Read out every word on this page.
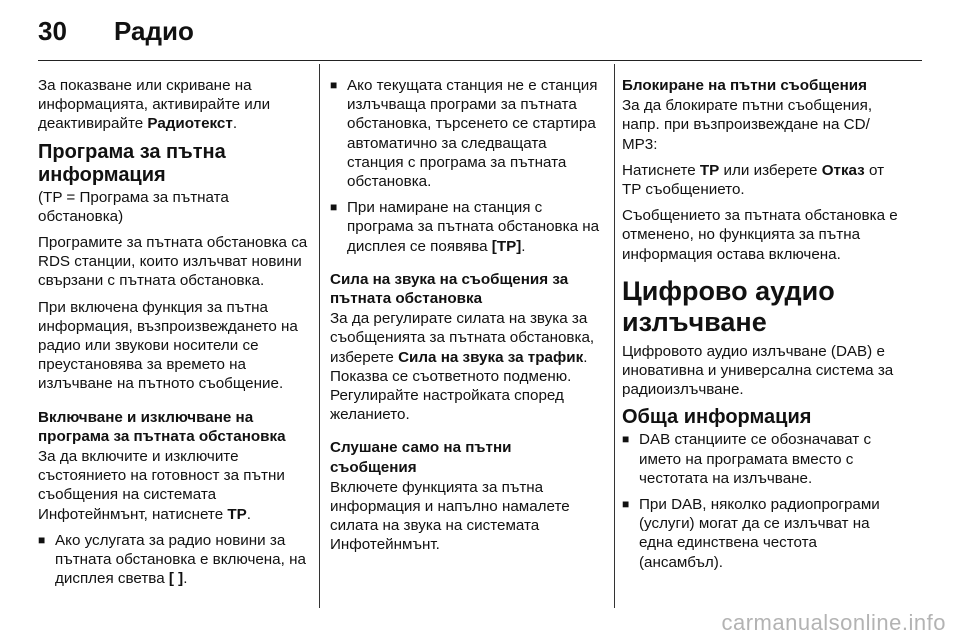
30 Радио

За показване или скриване на информацията, активирайте или деактивирайте Радиотекст.

Програма за пътна информация

(TP = Програма за пътната обстановка)

Програмите за пътната обстановка са RDS станции, които излъчват новини свързани с пътната обстановка.

При включена функция за пътна информация, възпроизвеждането на радио или звукови носители се преустановява за времето на излъчване на пътното съобщение.

Включване и изключване на програма за пътната обстановка

За да включите и изключите състоянието на готовност за пътни съобщения на системата Инфотейнмънт, натиснете TP.

■ Ако услугата за радио новини за пътната обстановка е включена, на дисплея светва [ ].
■ Ако текущата станция не е станция излъчваща програми за пътната обстановка, търсенето се стартира автоматично за следващата станция с програма за пътната обстановка.
■ При намиране на станция с програма за пътната обстановка на дисплея се появява [TP].
Сила на звука на съобщения за пътната обстановка

За да регулирате силата на звука за съобщенията за пътната обстановка, изберете Сила на звука за трафик. Показва се съответното подменю.
Регулирайте настройката според желанието.

Слушане само на пътни съобщения

Включете функцията за пътна информация и напълно намалете силата на звука на системата Инфотейнмънт.

Блокиране на пътни съобщения

За да блокирате пътни съобщения, напр. при възпроизвеждане на CD/ MP3:

Натиснете TP или изберете Отказ от TP съобщението.

Съобщението за пътната обстановка е отменено, но функцията за пътна информация остава включена.

Цифрово аудио излъчване

Цифровото аудио излъчване (DAB) е иновативна и универсална система за радиоизлъчване.

Обща информация
■ DAB станциите се обозначават с името на програмата вместо с честотата на излъчване.
■ При DAB, няколко радиопрограми (услуги) могат да се излъчват на една единствена честота (ансамбъл).
carmanualsonline.info
